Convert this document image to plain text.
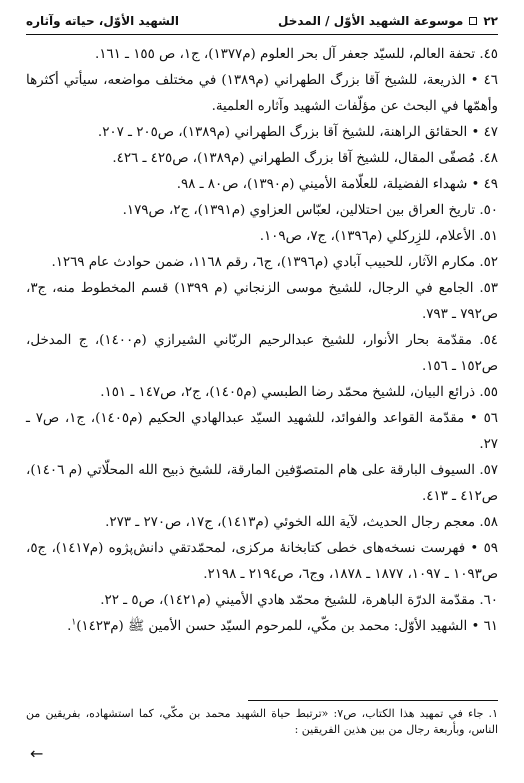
٢٢
موسوعة الشهيد الأوّل / المدخل
الشهيد الأوّل، حياته وآثاره
٤٥. تحفة العالم، للسيّد جعفر آل بحر العلوم (م١٣٧٧)، ج١، ص ١٥٥ ـ ١٦١.
٤٦ • الذريعة، للشيخ آقا بزرگ الطهراني (م١٣٨٩) في مختلف مواضعه، سيأتي أكثرها وأهمّها في البحث عن مؤلّفات الشهيد وآثاره العلمية.
٤٧ • الحقائق الراهنة، للشيخ آقا بزرگ الطهراني (م١٣٨٩)، ص٢٠٥ ـ ٢٠٧.
٤٨. مُصفّى المقال، للشيخ آقا بزرگ الطهراني (م١٣٨٩)، ص٤٢٥ ـ ٤٢٦.
٤٩ • شهداء الفضيلة، للعلّامة الأميني (م١٣٩٠)، ص٨٠ ـ ٩٨.
٥٠. تاريخ العراق بين احتلالين، لعبّاس العزاوي (م١٣٩١)، ج٢، ص١٧٩.
٥١. الأعلام، للزِركلي (م١٣٩٦)، ج٧، ص١٠٩.
٥٢. مكارم الآثار، للحبيب آبادي (م١٣٩٦)، ج٦، رقم ١١٦٨، ضمن حوادث عام ١٢٦٩.
٥٣. الجامع في الرجال، للشيخ موسى الزنجاني (م ١٣٩٩) قسم المخطوط منه، ج٣، ص٧٩٢ ـ ٧٩٣.
٥٤. مقدّمة بحار الأنوار، للشيخ عبدالرحيم الربّاني الشيرازي (م١٤٠٠)، ج المدخل، ص١٥٢ ـ ١٥٦.
٥٥. ذرائع البيان، للشيخ محمّد رضا الطبسي (م١٤٠٥)، ج٢، ص١٤٧ ـ ١٥١.
٥٦ • مقدّمة القواعد والفوائد، للشهيد السيّد عبدالهادي الحكيم (م١٤٠٥)، ج١، ص٧ ـ ٢٧.
٥٧. السيوف البارقة على هام المتصوّفين المارقة، للشيخ ذبيح الله المحلّاتي (م ١٤٠٦)، ص٤١٢ ـ ٤١٣.
٥٨. معجم رجال الحديث، لآية الله الخوئي (م١٤١٣)، ج١٧، ص٢٧٠ ـ ٢٧٣.
٥٩ • فهرست نسخه‌هاى خطى كتابخانهٔ مركزى، لمحمّدتقي دانش‌پژوه (م١٤١٧)، ج٥، ص١٠٩٣ ـ ١٠٩٧، ١٨٧٧ ـ ١٨٧٨، وج٦، ص٢١٩٤ ـ ٢١٩٨.
٦٠. مقدّمة الدرّة الباهرة، للشيخ محمّد هادي الأميني (م١٤٢١)، ص٥ ـ ٢٢.
٦١ • الشهيد الأوّل: محمد بن مكّي، للمرحوم السيّد حسن الأمين ﷺ (م١٤٢٣)$^١$.
١. جاء في تمهيد هذا الكتاب، ص٧: «ترتبط حياة الشهيد محمد بن مكّي، كما استشهاده، بفريقين من الناس، وبأربعة رجال من بين هذين الفريقين :
←
